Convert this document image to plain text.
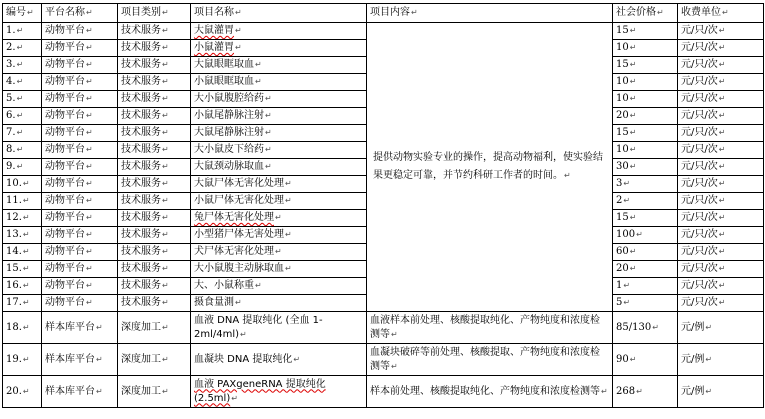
编号↵	平台名称↵	项目类别↵	项目名称↵	项目内容↵	社会价格↵	收费单位↵
1.↵	动物平台↵	技术服务↵	大鼠灌胃↵	提供动物实验专业的操作，提高动物福利，使实验结果更稳定可靠，并节约科研工作者的时间。↵	15↵	元/只/次↵
2.↵	动物平台↵	技术服务↵	小鼠灌胃↵		10↵	元/只/次↵
3.↵	动物平台↵	技术服务↵	大鼠眼眶取血↵		15↵	元/只/次↵
4.↵	动物平台↵	技术服务↵	小鼠眼眶取血↵		10↵	元/只/次↵
5.↵	动物平台↵	技术服务↵	大小鼠腹腔给药↵		10↵	元/只/次↵
6.↵	动物平台↵	技术服务↵	小鼠尾静脉注射↵		20↵	元/只/次↵
7.↵	动物平台↵	技术服务↵	大鼠尾静脉注射↵		15↵	元/只/次↵
8.↵	动物平台↵	技术服务↵	大小鼠皮下给药↵		10↵	元/只/次↵
9.↵	动物平台↵	技术服务↵	大鼠颈动脉取血↵		30↵	元/只/次↵
10.↵	动物平台↵	技术服务↵	大鼠尸体无害化处理↵		3↵	元/只/次↵
11.↵	动物平台↵	技术服务↵	小鼠尸体无害化处理↵		2↵	元/只/次↵
12.↵	动物平台↵	技术服务↵	兔尸体无害化处理↵		15↵	元/只/次↵
13.↵	动物平台↵	技术服务↵	小型猪尸体无害处理↵		100↵	元/只/次↵
14.↵	动物平台↵	技术服务↵	犬尸体无害化处理↵		60↵	元/只/次↵
15.↵	动物平台↵	技术服务↵	大小鼠腹主动脉取血↵		20↵	元/只/次↵
16.↵	动物平台↵	技术服务↵	大、小鼠称重↵		1↵	元/只/次↵
17.↵	动物平台↵	技术服务↵	摄食量測↵		5↵	元/只/次↵
18.↵	样本库平台↵	深度加工↵	血液 DNA 提取纯化 (全血 1-2ml/4ml)↵	血液样本前处理、核酸提取纯化、产物纯度和浓度检测等↵	85/130↵	元/例↵
19.↵	样本库平台↵	深度加工↵	血凝块 DNA 提取纯化↵	血凝块破碎等前处理、核酸提取、产物纯度和浓度检测等↵	90↵	元/例↵
20.↵	样本库平台↵	深度加工↵	血液 PAXgeneRNA 提取纯化 (2.5ml)↵	样本前处理、核酸提取纯化、产物纯度和浓度检测等↵	268↵	元/例↵
